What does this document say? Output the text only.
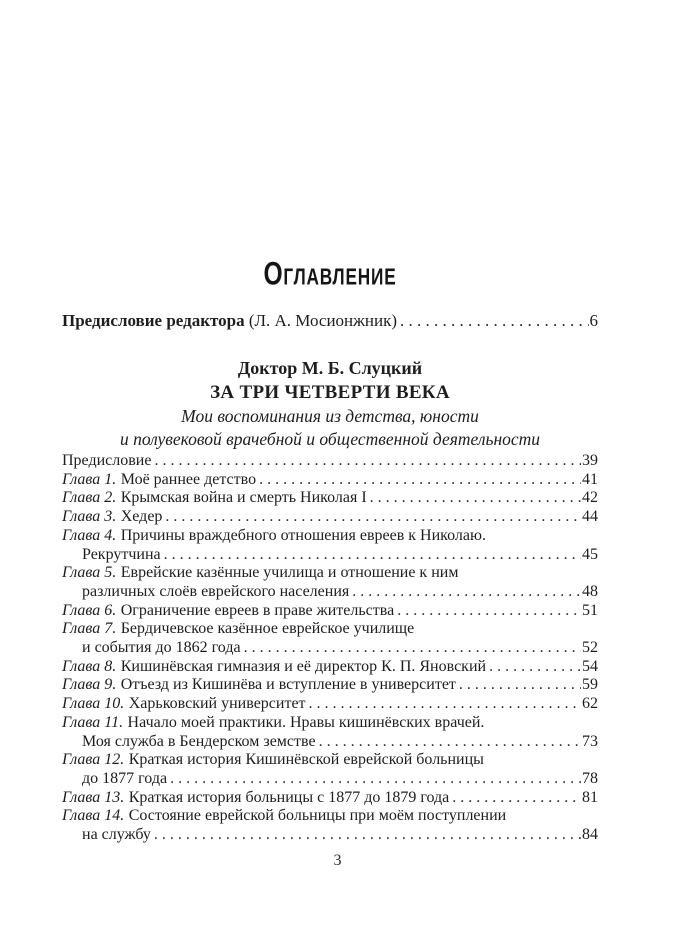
Оглавление
Предисловие редактора (Л. А. Мосионжник) . . .	6
Доктор М. Б. Слуцкий
ЗА ТРИ ЧЕТВЕРТИ ВЕКА
Мои воспоминания из детства, юности
и полувековой врачебной и общественной деятельности
Предисловие . . .	39
Глава 1. Моё раннее детство . . .	41
Глава 2. Крымская война и смерть Николая I . . .	42
Глава 3. Хедер . . .	44
Глава 4. Причины враждебного отношения евреев к Николаю.
Рекрутчина . . .	45
Глава 5. Еврейские казённые училища и отношение к ним
различных слоёв еврейского населения . . .	48
Глава 6. Ограничение евреев в праве жительства . . .	51
Глава 7. Бердичевское казённое еврейское училище
и события до 1862 года . . .	52
Глава 8. Кишинёвская гимназия и её директор К. П. Яновский . . .	54
Глава 9. Отъезд из Кишинёва и вступление в университет . . .	59
Глава 10. Харьковский университет . . .	62
Глава 11. Начало моей практики. Нравы кишинёвских врачей.
Моя служба в Бендерском земстве . . .	73
Глава 12. Краткая история Кишинёвской еврейской больницы
до 1877 года . . .	78
Глава 13. Краткая история больницы с 1877 до 1879 года . . .	81
Глава 14. Состояние еврейской больницы при моём поступлении
на службу . . .	84
3
